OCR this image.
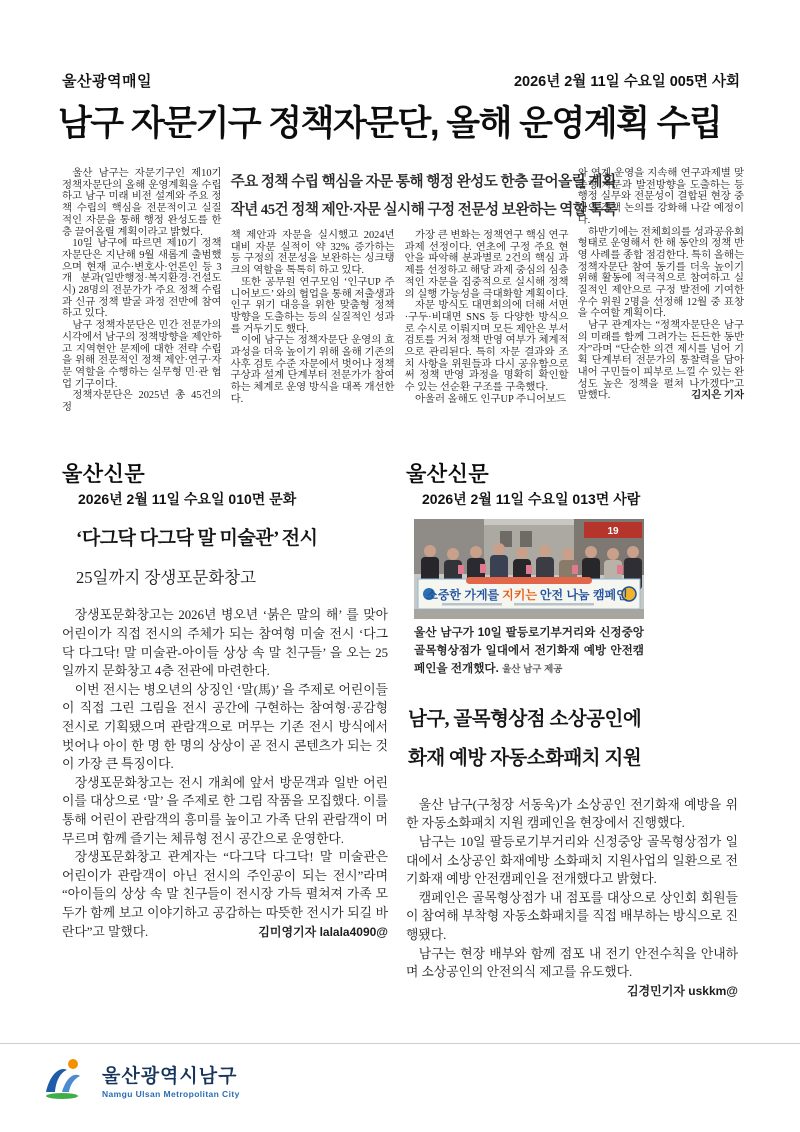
울산광역매일	2026년 2월 11일 수요일 005면 사회
남구 자문기구 정책자문단, 올해 운영계획 수립

울산 남구는 자문기구인 제10기 정책자문단의 올해 운영계획을 수립하고 남구 미래 비전 설계와 주요 정책 수립의 핵심을 전문적이고 실질적인 자문을 통해 행정 완성도를 한층 끌어올릴 계획이라고 밝혔다.

10일 남구에 따르면 제10기 정책자문단은 지난해 9월 새롭게 출범했으며 현재 교수·변호사·언론인 등 3개 분과(일반행정·복지환경·건설도시) 28명의 전문가가 주요 정책 수립과 신규 정책 발굴 과정 전반에 참여하고 있다.

남구 정책자문단은 민간 전문가의 시각에서 남구의 정책방향을 제안하고 지역현안 문제에 대한 전략 수립을 위해 전문적인 정책 제안·연구·자문 역할을 수행하는 실무형 민·관 협업 기구이다.

정책자문단은 2025년 총 45건의 정

주요 정책 수립 핵심을 자문 통해 행정 완성도 한층 끌어올릴 계획
작년 45건 정책 제안·자문 실시해 구정 전문성 보완하는 역할 톡톡

책 제안과 자문을 실시했고 2024년 대비 자문 실적이 약 32% 증가하는 등 구정의 전문성을 보완하는 싱크탱크의 역할을 톡톡히 하고 있다.

또한 공무원 연구모임 ‘인구UP 주니어보드’ 와의 협업을 통해 저출생과 인구 위기 대응을 위한 맞춤형 정책 방향을 도출하는 등의 실질적인 성과를 거두기도 했다.

이에 남구는 정책자문단 운영의 효과성을 더욱 높이기 위해 올해 기존의 사후 검토 수준 자문에서 벗어나 정책 구상과 설계 단계부터 전문가가 참여하는 체계로 운영 방식을 대폭 개선한다.

가장 큰 변화는 정책연구 핵심 연구과제 선정이다. 연초에 구정 주요 현안을 파악해 분과별로 2건의 핵심 과제를 선정하고 해당 과제 중심의 심층적인 자문을 집중적으로 실시해 정책의 실행 가능성을 극대화할 계획이다.

자문 방식도 대면회의에 더해 서면·구두·비대면 SNS 등 다양한 방식으로 수시로 이뤄지며 모든 제안은 부서 검토를 거쳐 정책 반영 여부가 체계적으로 관리된다. 특히 자문 결과와 조치 사항을 위원들과 다시 공유함으로써 정책 반영 과정을 명확히 확인할 수 있는 선순환 구조를 구축했다.

아울러 올해도 인구UP 주니어보드

와 연계 운영을 지속해 연구과제별 맞춤형 자문과 발전방향을 도출하는 등 행정 실무와 전문성이 결합된 현장 중심의 정책 논의를 강화해 나갈 예정이다.

하반기에는 전체회의를 성과공유회 형태로 운영해서 한 해 동안의 정책 반영 사례를 종합 점검한다. 특히 올해는 정책자문단 참여 동기를 더욱 높이기 위해 활동에 적극적으로 참여하고 실질적인 제안으로 구정 발전에 기여한 우수 위원 2명을 선정해 12월 중 표창을 수여할 계획이다.

남구 관계자는 “정책자문단은 남구의 미래를 함께 그려가는 든든한 동반자”라며 “단순한 의견 제시를 넘어 기획 단계부터 전문가의 통찰력을 담아내어 구민들이 피부로 느낄 수 있는 완성도 높은 정책을 펼쳐 나가겠다”고 말했다.	김지은 기자

울산신문
2026년 2월 11일 수요일 010면 문화
‘다그닥 다그닥 말 미술관’ 전시
25일까지 장생포문화창고

장생포문화창고는 2026년 병오년 ‘붉은 말의 해’ 를 맞아 어린이가 직접 전시의 주체가 되는 참여형 미술 전시 ‘다그닥 다그닥! 말 미술관-아이들 상상 속 말 친구들’ 을 오는 25일까지 문화창고 4층 전관에 마련한다.

이번 전시는 병오년의 상징인 ‘말(馬)’ 을 주제로 어린이들이 직접 그린 그림을 전시 공간에 구현하는 참여형·공감형 전시로 기획됐으며 관람객으로 머무는 기존 전시 방식에서 벗어나 아이 한 명 한 명의 상상이 곧 전시 콘텐츠가 되는 것이 가장 큰 특징이다.

장생포문화창고는 전시 개최에 앞서 방문객과 일반 어린이를 대상으로 ‘말’ 을 주제로 한 그림 작품을 모집했다. 이를 통해 어린이 관람객의 흥미를 높이고 가족 단위 관람객이 머무르며 함께 즐기는 체류형 전시 공간으로 운영한다.

장생포문화창고 관계자는 “다그닥 다그닥! 말 미술관은 어린이가 관람객이 아닌 전시의 주인공이 되는 전시”라며 “아이들의 상상 속 말 친구들이 전시장 가득 펼쳐져 가족 모두가 함께 보고 이야기하고 공감하는 따뜻한 전시가 되길 바란다”고 말했다.	김미영기자 lalala4090@

울산신문
2026년 2월 11일 수요일 013면 사람
19
소중한 가게를 지키는 안전 나눔 캠페인
울산 남구가 10일 팔등로기부거리와 신정중앙 골목형상점가 일대에서 전기화재 예방 안전캠페인을 전개했다. 울산 남구 제공
남구, 골목형상점 소상공인에
화재 예방 자동소화패치 지원

울산 남구(구청장 서동욱)가 소상공인 전기화재 예방을 위한 자동소화패치 지원 캠페인을 현장에서 진행했다.

남구는 10일 팔등로기부거리와 신정중앙 골목형상점가 일대에서 소상공인 화재예방 소화패치 지원사업의 일환으로 전기화재 예방 안전캠페인을 전개했다고 밝혔다.

캠페인은 골목형상점가 내 점포를 대상으로 상인회 회원들이 참여해 부착형 자동소화패치를 직접 배부하는 방식으로 진행됐다.

남구는 현장 배부와 함께 점포 내 전기 안전수칙을 안내하며 소상공인의 안전의식 제고를 유도했다.
김경민기자 uskkm@

울산광역시남구
Namgu Ulsan Metropolitan City
